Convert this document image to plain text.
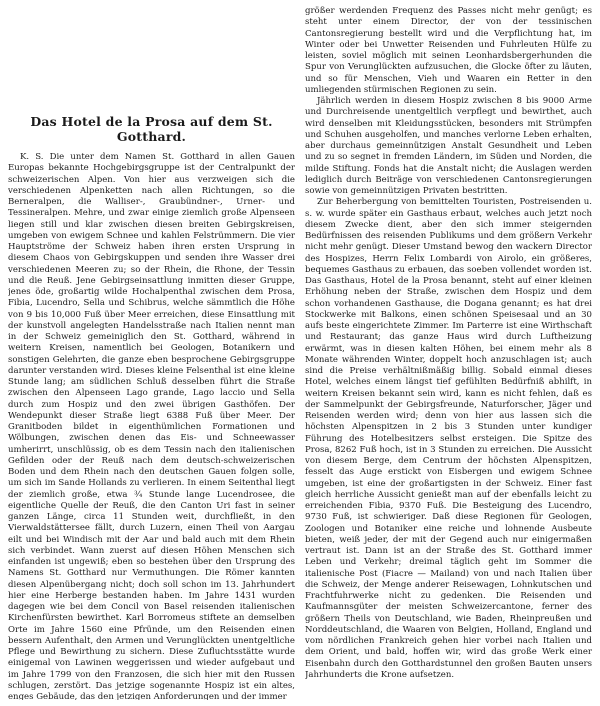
Das Hotel de la Prosa auf dem St. Gotthard.

K. S. Die unter dem Namen St. Gotthard in allen Gauen Europas bekannte Hochgebirgsgruppe ist der Centralpunkt der schweizerischen Alpen. Von hier aus verzweigen sich die verschiedenen Alpenketten nach allen Richtungen, so die Berneralpen, die Walliser-, Graubündner-, Urner- und Tessineralpen. Mehre, und zwar einige ziemlich große Alpenseen liegen still und klar zwischen diesen breiten Gebirgskreisen, umgeben von ewigem Schnee und kahlen Felstrümmern. Die vier Hauptströme der Schweiz haben ihren ersten Ursprung in diesem Chaos von Gebirgskuppen und senden ihre Wasser drei verschiedenen Meeren zu; so der Rhein, die Rhone, der Tessin und die Reuß. Jene Gebirgseinsattlung inmitten dieser Gruppe, jenes öde, großartig wilde Hochalpenthal zwischen dem Prosa, Fibia, Lucendro, Sella und Schibrus, welche sämmtlich die Höhe von 9 bis 10,000 Fuß über Meer erreichen, diese Einsattlung mit der kunstvoll angelegten Handelsstraße nach Italien nennt man in der Schweiz gemeiniglich den St. Gotthard, während in weitern Kreisen, namentlich bei Geologen, Botanikern und sonstigen Gelehrten, die ganze eben besprochene Gebirgsgruppe darunter verstanden wird. Dieses kleine Felsenthal ist eine kleine Stunde lang; am südlichen Schluß desselben führt die Straße zwischen den Alpenseen Lago grande, Lago laccio und Sella durch zum Hospiz und den zwei übrigen Gasthöfen. Der Wendepunkt dieser Straße liegt 6388 Fuß über Meer. Der Granitboden bildet in eigenthümlichen Formationen und Wölbungen, zwischen denen das Eis- und Schneewasser umherirrt, unschlüssig, ob es dem Tessin nach den italienischen Gefilden oder der Reuß nach dem deutsch-schweizerischen Boden und dem Rhein nach den deutschen Gauen folgen solle, um sich im Sande Hollands zu verlieren. In einem Seitenthal liegt der ziemlich große, etwa ¾ Stunde lange Lucendrosee, die eigentliche Quelle der Reuß, die den Canton Uri fast in seiner ganzen Länge, circa 11 Stunden weit, durchfließt, in den Vierwaldstättersee fällt, durch Luzern, einen Theil von Aargau eilt und bei Windisch mit der Aar und bald auch mit dem Rhein sich verbindet. Wann zuerst auf diesen Höhen Menschen sich einfanden ist ungewiß; eben so bestehen über den Ursprung des Namens St. Gotthard nur Vermuthungen. Die Römer kannten diesen Alpenübergang nicht; doch soll schon im 13. Jahrhundert hier eine Herberge bestanden haben. Im Jahre 1431 wurden dagegen wie bei dem Concil von Basel reisenden italienischen Kirchenfürsten bewirthet. Karl Borromeus stiftete an demselben Orte im Jahre 1560 eine Pfründe, um den Reisenden einen bessern Aufenthalt, den Armen und Verunglückten unentgeltliche Pflege und Bewirthung zu sichern. Diese Zufluchtsstätte wurde einigemal von Lawinen weggerissen und wieder aufgebaut und im Jahre 1799 von den Franzosen, die sich hier mit den Russen schlugen, zerstört. Das jetzige sogenannte Hospiz ist ein altes, enges Gebäude, das den jetzigen Anforderungen und der immer

größer werdenden Frequenz des Passes nicht mehr genügt; es steht unter einem Director, der von der tessinischen Cantonsregierung bestellt wird und die Verpflichtung hat, im Winter oder bei Unwetter Reisenden und Fuhrleuten Hülfe zu leisten, soviel möglich mit seinen Leonhardsbergerhunden die Spur von Verunglückten aufzusuchen, die Glocke öfter zu läuten, und so für Menschen, Vieh und Waaren ein Retter in den umliegenden stürmischen Regionen zu sein.

Jährlich werden in diesem Hospiz zwischen 8 bis 9000 Arme und Durchreisende unentgeltlich verpflegt und bewirthet, auch wird denselben mit Kleidungsstücken, besonders mit Strümpfen und Schuhen ausgeholfen, und manches verlorne Leben erhalten, aber durchaus gemeinnützigen Anstalt Gesundheit und Leben und zu so segnet in fremden Ländern, im Süden und Norden, die milde Stiftung. Fonds hat die Anstalt nicht; die Auslagen werden lediglich durch Beiträge von verschiedenen Cantonsregierungen sowie von gemeinnützigen Privaten bestritten.

Zur Beherbergung von bemittelten Touristen, Postreisenden u. s. w. wurde später ein Gasthaus erbaut, welches auch jetzt noch diesem Zwecke dient, aber den sich immer steigernden Bedürfnissen des reisenden Publikums und dem größern Verkehr nicht mehr genügt. Dieser Umstand bewog den wackern Director des Hospizes, Herrn Felix Lombardi von Airolo, ein größeres, bequemes Gasthaus zu erbauen, das soeben vollendet worden ist. Das Gasthaus, Hotel de la Prosa benannt, steht auf einer kleinen Erhöhung neben der Straße, zwischen dem Hospiz und dem schon vorhandenen Gasthause, die Dogana genannt; es hat drei Stockwerke mit Balkons, einen schönen Speisesaal und an 30 aufs beste eingerichtete Zimmer. Im Parterre ist eine Wirthschaft und Restaurant; das ganze Haus wird durch Luftheizung erwärmt, was in diesen kalten Höhen, bei einem mehr als 8 Monate währenden Winter, doppelt hoch anzuschlagen ist; auch sind die Preise verhältnißmäßig billig. Sobald einmal dieses Hotel, welches einem längst tief gefühlten Bedürfniß abhilft, in weitern Kreisen bekannt sein wird, kann es nicht fehlen, daß es der Sammelpunkt der Gebirgsfreunde, Naturforscher, Jäger und Reisenden werden wird; denn von hier aus lassen sich die höchsten Alpenspitzen in 2 bis 3 Stunden unter kundiger Führung des Hotelbesitzers selbst ersteigen. Die Spitze des Prosa, 8262 Fuß hoch, ist in 3 Stunden zu erreichen. Die Aussicht von diesem Berge, dem Centrum der höchsten Alpenspitzen, fesselt das Auge erstickt von Eisbergen und ewigem Schnee umgeben, ist eine der großartigsten in der Schweiz. Einer fast gleich herrliche Aussicht genießt man auf der ebenfalls leicht zu erreichenden Fibia, 9370 Fuß. Die Besteigung des Lucendro, 9730 Fuß, ist schwieriger. Daß diese Regionen für Geologen, Zoologen und Botaniker eine reiche und lohnende Ausbeute bieten, weiß jeder, der mit der Gegend auch nur einigermaßen vertraut ist. Dann ist an der Straße des St. Gotthard immer Leben und Verkehr; dreimal täglich geht im Sommer die italienische Post (Fiacre — Mailand) von und nach Italien über die Schweiz, der Menge anderer Reisewagen, Lohnkutschen und Frachtfuhrwerke nicht zu gedenken. Die Reisenden und Kaufmannsgüter der meisten Schweizercantone, ferner des größern Theils von Deutschland, wie Baden, Rheinpreußen und Norddeutschland, die Waaren von Belgien, Holland, England und vom nördlichen Frankreich gehen hier vorbei nach Italien und dem Orient, und bald, hoffen wir, wird das große Werk einer Eisenbahn durch den Gotthardstunnel den großen Bauten unsers Jahrhunderts die Krone aufsetzen.
